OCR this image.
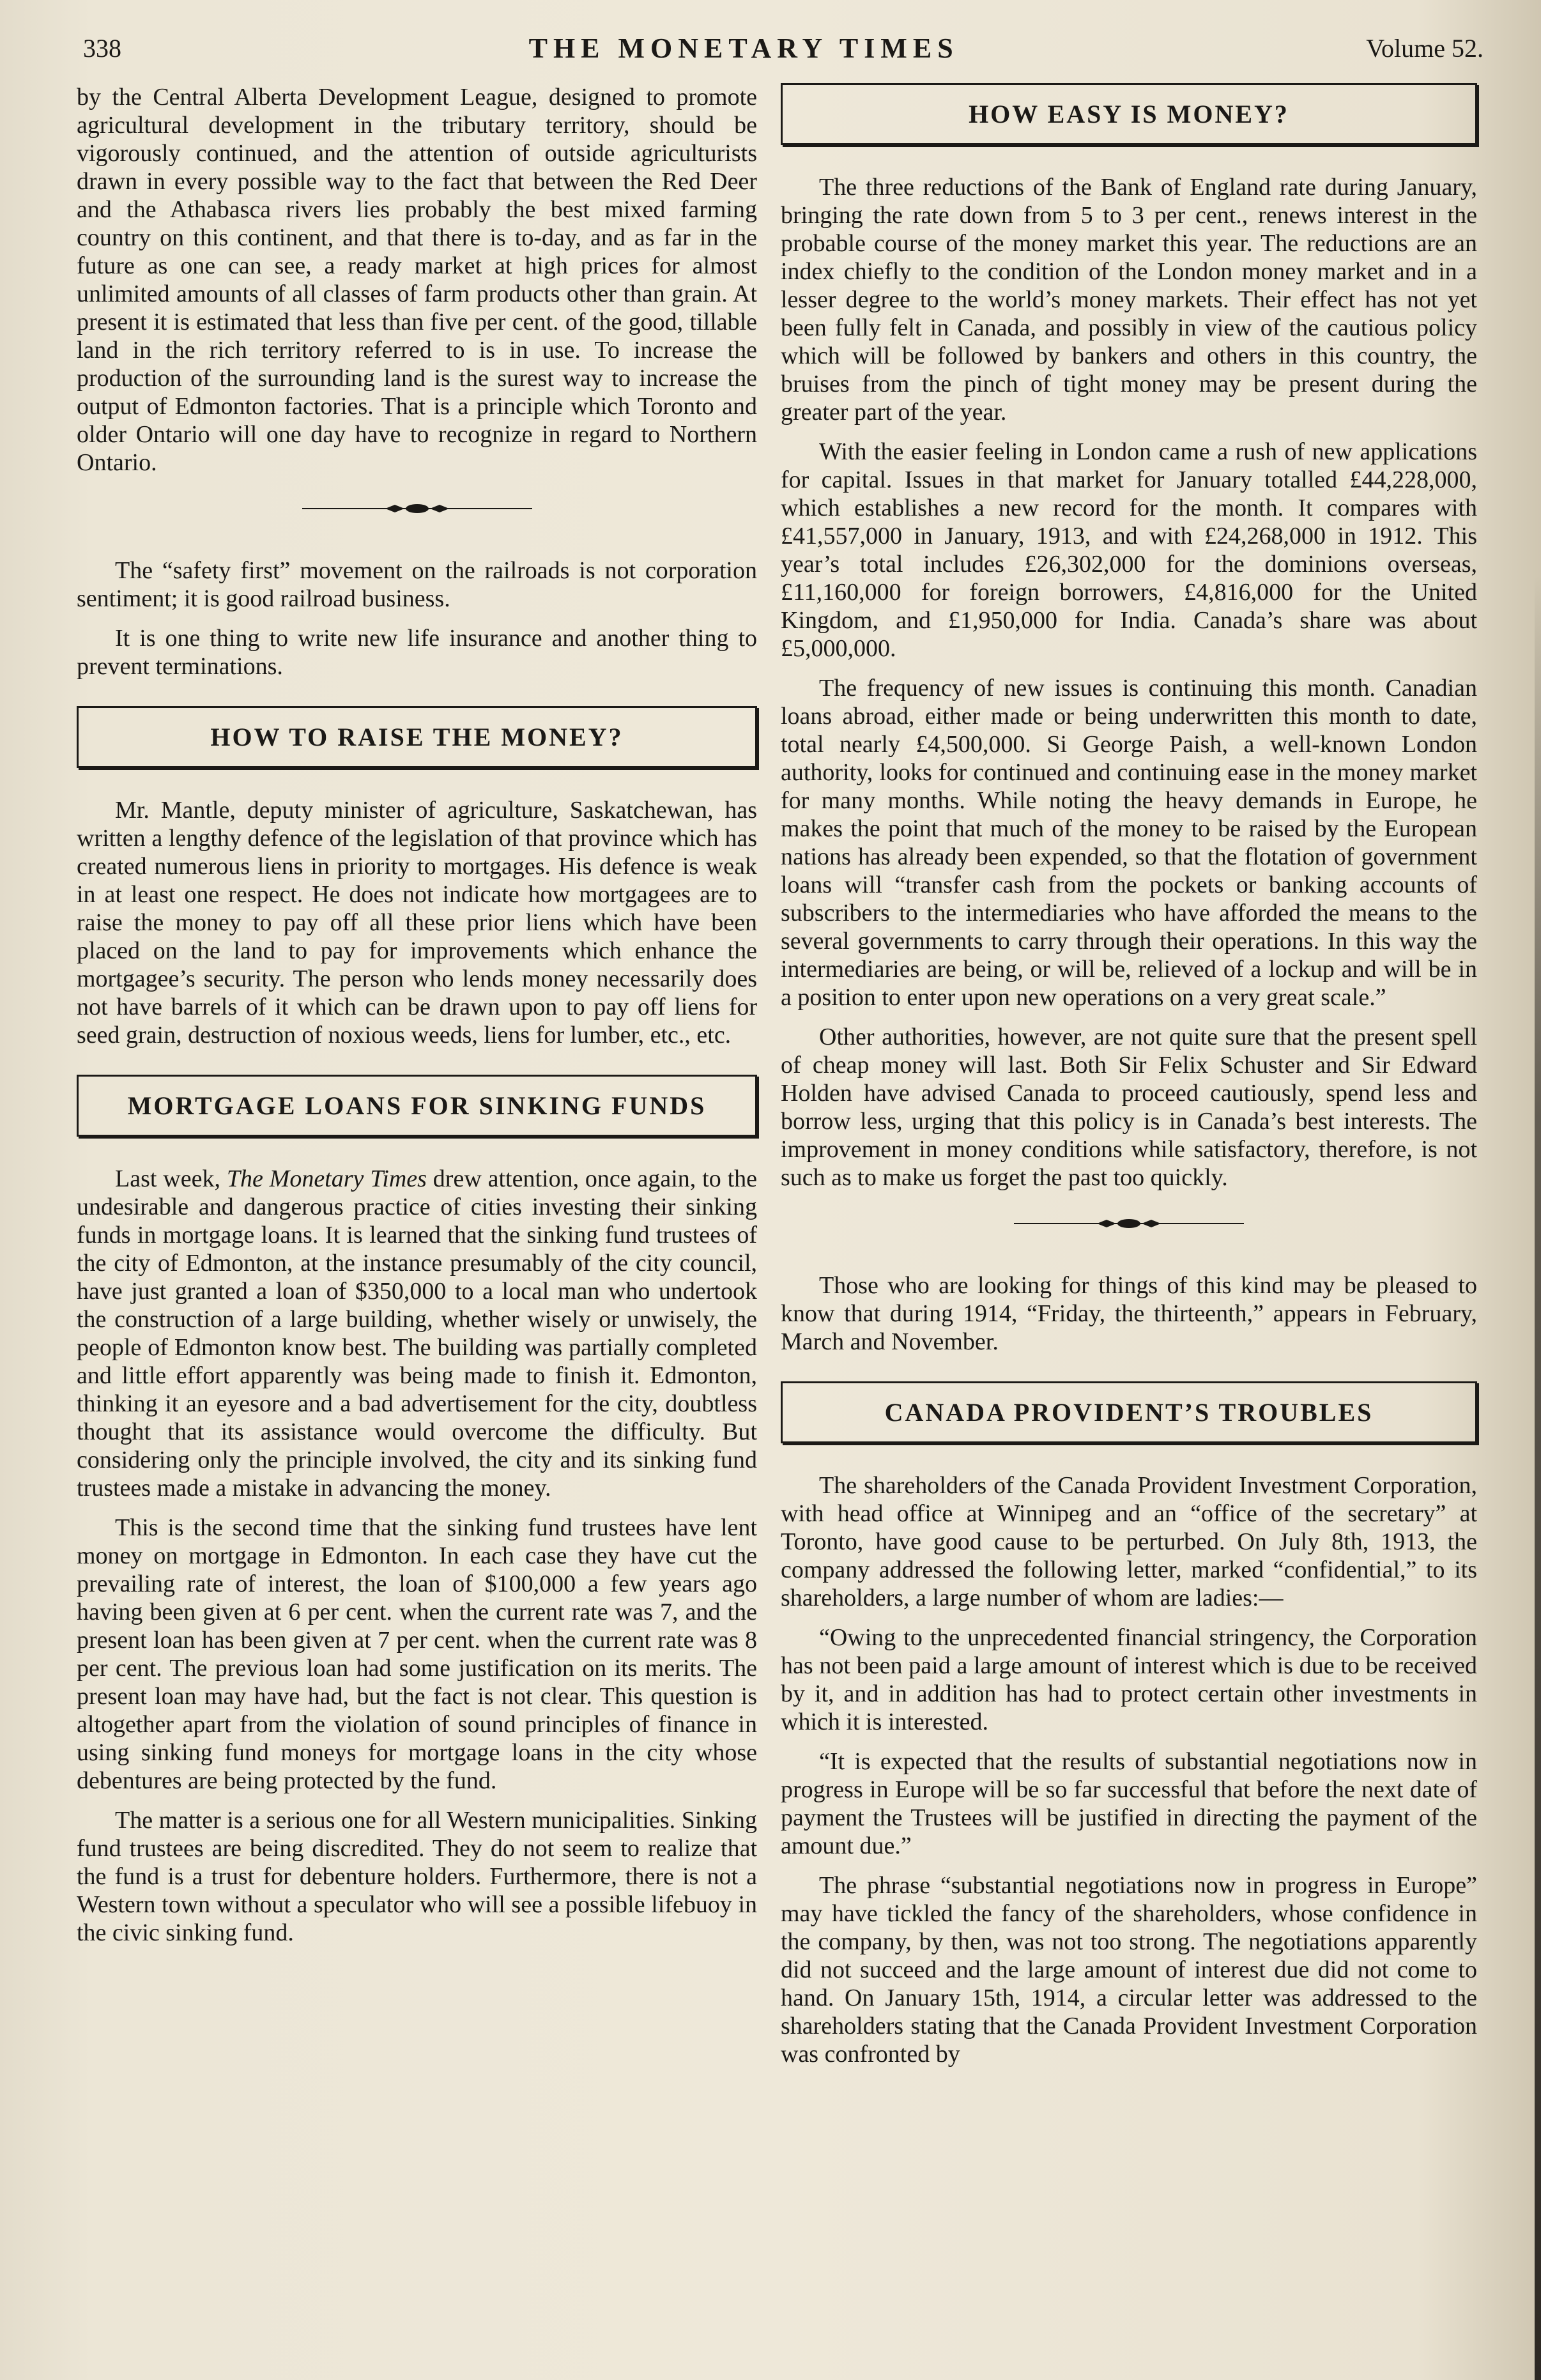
338	THE MONETARY TIMES	Volume 52.

by the Central Alberta Development League, designed to promote agricultural development in the tributary territory, should be vigorously continued, and the attention of outside agriculturists drawn in every possible way to the fact that between the Red Deer and the Athabasca rivers lies probably the best mixed farming country on this continent, and that there is to-day, and as far in the future as one can see, a ready market at high prices for almost unlimited amounts of all classes of farm products other than grain. At present it is estimated that less than five per cent. of the good, tillable land in the rich territory referred to is in use. To increase the production of the surrounding land is the surest way to increase the output of Edmonton factories. That is a principle which Toronto and older Ontario will one day have to recognize in regard to Northern Ontario.

The “safety first” movement on the railroads is not corporation sentiment; it is good railroad business.

It is one thing to write new life insurance and another thing to prevent terminations.

HOW TO RAISE THE MONEY?

Mr. Mantle, deputy minister of agriculture, Saskatchewan, has written a lengthy defence of the legislation of that province which has created numerous liens in priority to mortgages. His defence is weak in at least one respect. He does not indicate how mortgagees are to raise the money to pay off all these prior liens which have been placed on the land to pay for improvements which enhance the mortgagee’s security. The person who lends money necessarily does not have barrels of it which can be drawn upon to pay off liens for seed grain, destruction of noxious weeds, liens for lumber, etc., etc.

MORTGAGE LOANS FOR SINKING FUNDS

Last week, The Monetary Times drew attention, once again, to the undesirable and dangerous practice of cities investing their sinking funds in mortgage loans. It is learned that the sinking fund trustees of the city of Edmonton, at the instance presumably of the city council, have just granted a loan of $350,000 to a local man who undertook the construction of a large building, whether wisely or unwisely, the people of Edmonton know best. The building was partially completed and little effort apparently was being made to finish it. Edmonton, thinking it an eyesore and a bad advertisement for the city, doubtless thought that its assistance would overcome the difficulty. But considering only the principle involved, the city and its sinking fund trustees made a mistake in advancing the money.

This is the second time that the sinking fund trustees have lent money on mortgage in Edmonton. In each case they have cut the prevailing rate of interest, the loan of $100,000 a few years ago having been given at 6 per cent. when the current rate was 7, and the present loan has been given at 7 per cent. when the current rate was 8 per cent. The previous loan had some justification on its merits. The present loan may have had, but the fact is not clear. This question is altogether apart from the violation of sound principles of finance in using sinking fund moneys for mortgage loans in the city whose debentures are being protected by the fund.

The matter is a serious one for all Western municipalities. Sinking fund trustees are being discredited. They do not seem to realize that the fund is a trust for debenture holders. Furthermore, there is not a Western town without a speculator who will see a possible lifebuoy in the civic sinking fund.

HOW EASY IS MONEY?

The three reductions of the Bank of England rate during January, bringing the rate down from 5 to 3 per cent., renews interest in the probable course of the money market this year. The reductions are an index chiefly to the condition of the London money market and in a lesser degree to the world’s money markets. Their effect has not yet been fully felt in Canada, and possibly in view of the cautious policy which will be followed by bankers and others in this country, the bruises from the pinch of tight money may be present during the greater part of the year.

With the easier feeling in London came a rush of new applications for capital. Issues in that market for January totalled £44,228,000, which establishes a new record for the month. It compares with £41,557,000 in January, 1913, and with £24,268,000 in 1912. This year’s total includes £26,302,000 for the dominions overseas, £11,160,000 for foreign borrowers, £4,816,000 for the United Kingdom, and £1,950,000 for India. Canada’s share was about £5,000,000.

The frequency of new issues is continuing this month. Canadian loans abroad, either made or being underwritten this month to date, total nearly £4,500,000. Si George Paish, a well-known London authority, looks for continued and continuing ease in the money market for many months. While noting the heavy demands in Europe, he makes the point that much of the money to be raised by the European nations has already been expended, so that the flotation of government loans will “transfer cash from the pockets or banking accounts of subscribers to the intermediaries who have afforded the means to the several governments to carry through their operations. In this way the intermediaries are being, or will be, relieved of a lockup and will be in a position to enter upon new operations on a very great scale.”

Other authorities, however, are not quite sure that the present spell of cheap money will last. Both Sir Felix Schuster and Sir Edward Holden have advised Canada to proceed cautiously, spend less and borrow less, urging that this policy is in Canada’s best interests. The improvement in money conditions while satisfactory, therefore, is not such as to make us forget the past too quickly.

Those who are looking for things of this kind may be pleased to know that during 1914, “Friday, the thirteenth,” appears in February, March and November.

CANADA PROVIDENT’S TROUBLES

The shareholders of the Canada Provident Investment Corporation, with head office at Winnipeg and an “office of the secretary” at Toronto, have good cause to be perturbed. On July 8th, 1913, the company addressed the following letter, marked “confidential,” to its shareholders, a large number of whom are ladies:—

“Owing to the unprecedented financial stringency, the Corporation has not been paid a large amount of interest which is due to be received by it, and in addition has had to protect certain other investments in which it is interested.

“It is expected that the results of substantial negotiations now in progress in Europe will be so far successful that before the next date of payment the Trustees will be justified in directing the payment of the amount due.”

The phrase “substantial negotiations now in progress in Europe” may have tickled the fancy of the shareholders, whose confidence in the company, by then, was not too strong. The negotiations apparently did not succeed and the large amount of interest due did not come to hand. On January 15th, 1914, a circular letter was addressed to the shareholders stating that the Canada Provident Investment Corporation was confronted by
